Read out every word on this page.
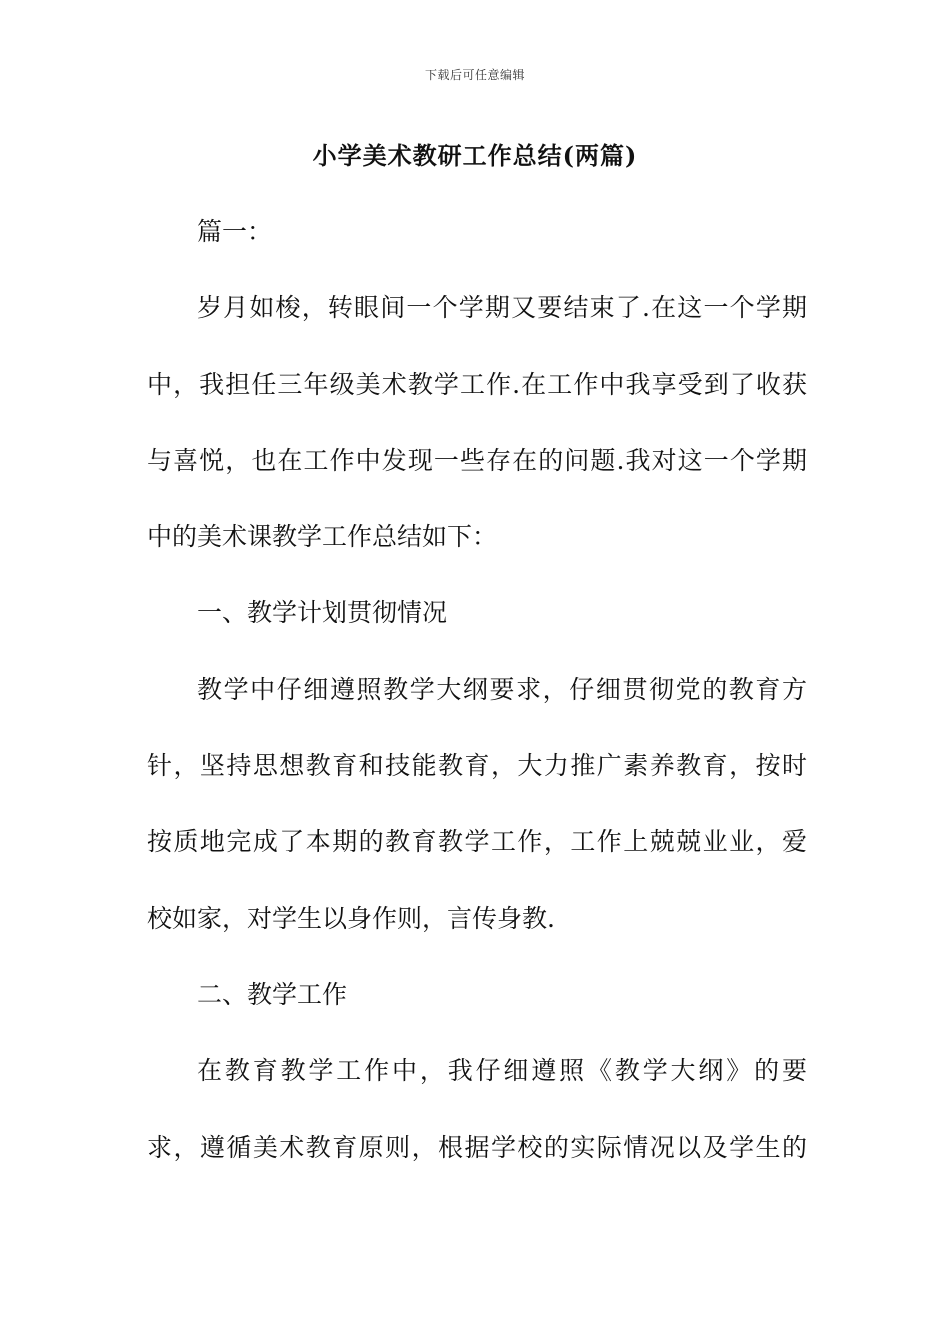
下载后可任意编辑
小学美术教研工作总结(两篇)
篇一：
岁月如梭，转眼间一个学期又要结束了.在这一个学期
中，我担任三年级美术教学工作.在工作中我享受到了收获
与喜悦，也在工作中发现一些存在的问题.我对这一个学期
中的美术课教学工作总结如下：
一、教学计划贯彻情况
教学中仔细遵照教学大纲要求，仔细贯彻党的教育方
针，坚持思想教育和技能教育，大力推广素养教育，按时
按质地完成了本期的教育教学工作，工作上兢兢业业，爱
校如家，对学生以身作则，言传身教.
二、教学工作
在教育教学工作中，我仔细遵照《教学大纲》的要
求，遵循美术教育原则，根据学校的实际情况以及学生的
